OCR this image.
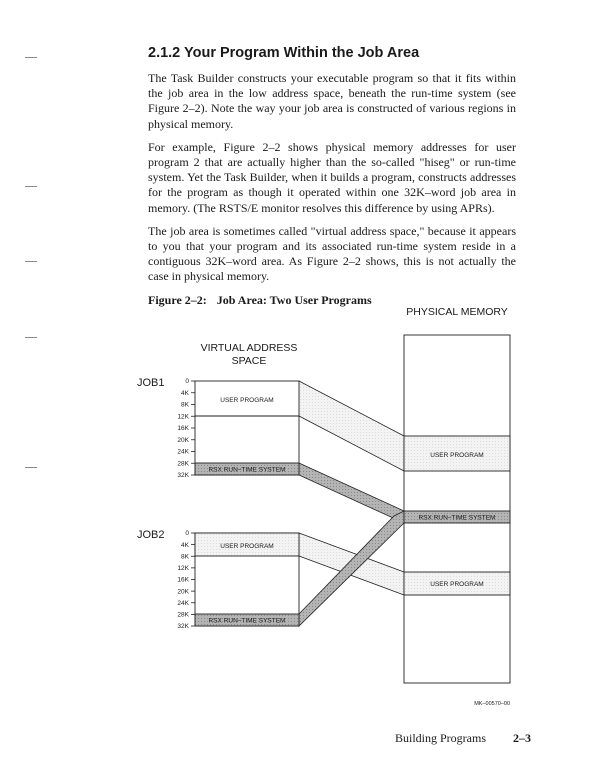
2.1.2 Your Program Within the Job Area
The Task Builder constructs your executable program so that it fits within the job area in the low address space, beneath the run-time system (see Figure 2–2). Note the way your job area is constructed of various regions in physical memory.
For example, Figure 2–2 shows physical memory addresses for user program 2 that are actually higher than the so-called "hiseg" or run-time system. Yet the Task Builder, when it builds a program, constructs addresses for the program as though it operated within one 32K–word job area in memory. (The RSTS/E monitor resolves this difference by using APRs).
The job area is sometimes called "virtual address space," because it appears to you that your program and its associated run-time system reside in a contiguous 32K–word area. As Figure 2–2 shows, this is not actually the case in physical memory.
Figure 2–2: Job Area: Two User Programs
VIRTUAL ADDRESS
SPACE
PHYSICAL MEMORY
JOB1
USER PROGRAM
RSX RUN–TIME SYSTEM
0
4K
8K
12K
16K
20K
24K
28K
32K
JOB2
USER PROGRAM
RSX RUN–TIME SYSTEM
0
4K
8K
12K
16K
20K
24K
28K
32K
USER PROGRAM
RSX RUN–TIME SYSTEM
USER PROGRAM
MK–00570–00
Building Programs 2–3
